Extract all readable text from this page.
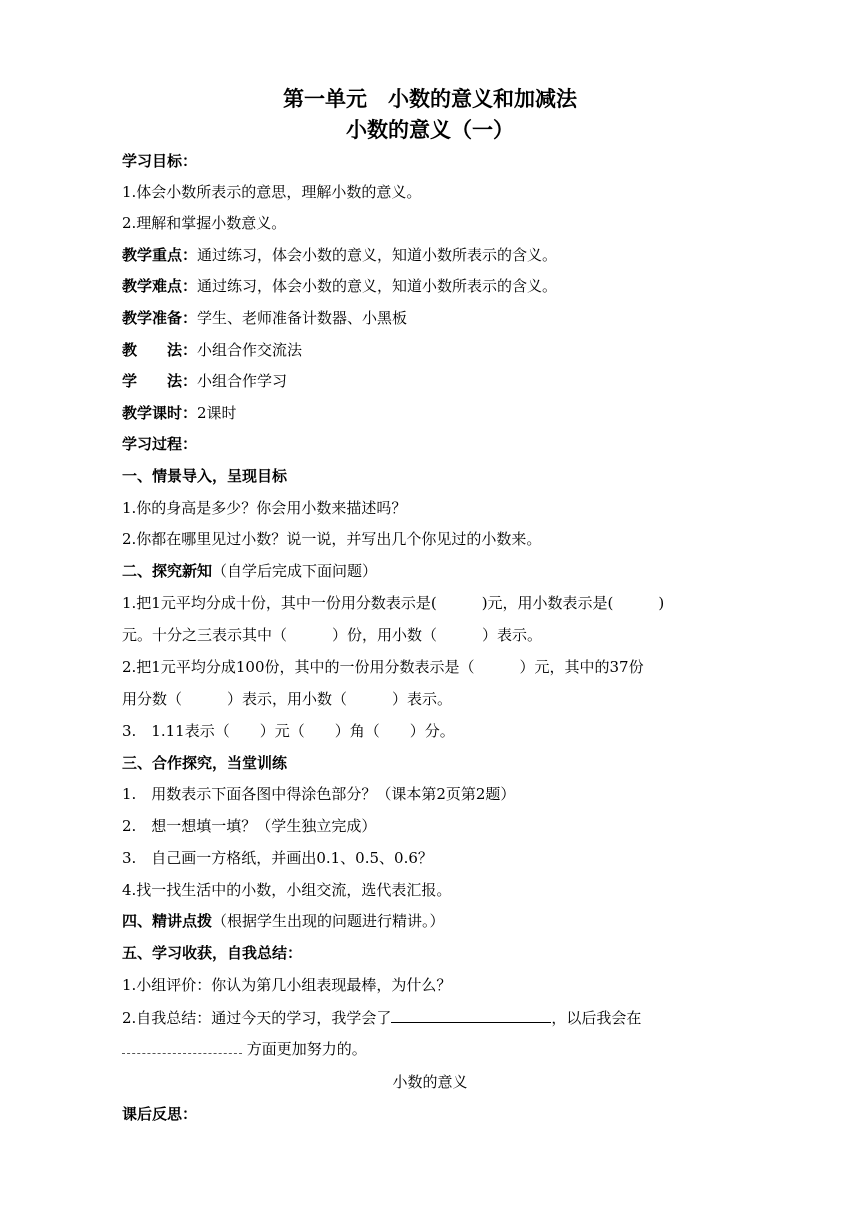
第一单元　小数的意义和加减法
小数的意义（一）
学习目标：
1.体会小数所表示的意思，理解小数的意义。
2.理解和掌握小数意义。
教学重点：通过练习，体会小数的意义，知道小数所表示的含义。
教学难点：通过练习，体会小数的意义，知道小数所表示的含义。
教学准备：学生、老师准备计数器、小黑板
教　　法：小组合作交流法
学　　法：小组合作学习
教学课时：2课时
学习过程：
一、情景导入，呈现目标
1.你的身高是多少？你会用小数来描述吗？
2.你都在哪里见过小数？说一说，并写出几个你见过的小数来。
二、探究新知（自学后完成下面问题）
1.把1元平均分成十份，其中一份用分数表示是(　　　)元，用小数表示是(　　　)
元。十分之三表示其中（　　　）份，用小数（　　　）表示。
2.把1元平均分成100份，其中的一份用分数表示是（　　　）元，其中的37份
用分数（　　　）表示，用小数（　　　）表示。
3.　1.11表示（　　）元（　　）角（　　）分。
三、合作探究，当堂训练
1.　用数表示下面各图中得涂色部分？（课本第2页第2题）
2.　想一想填一填？（学生独立完成）
3.　自己画一方格纸，并画出0.1、0.5、0.6？
4.找一找生活中的小数，小组交流，选代表汇报。
四、精讲点拨（根据学生出现的问题进行精讲。）
五、学习收获，自我总结：
1.小组评价：你认为第几小组表现最棒，为什么？
2.自我总结：通过今天的学习，我学会了	，以后我会在
方面更加努力的。
小数的意义
课后反思：
